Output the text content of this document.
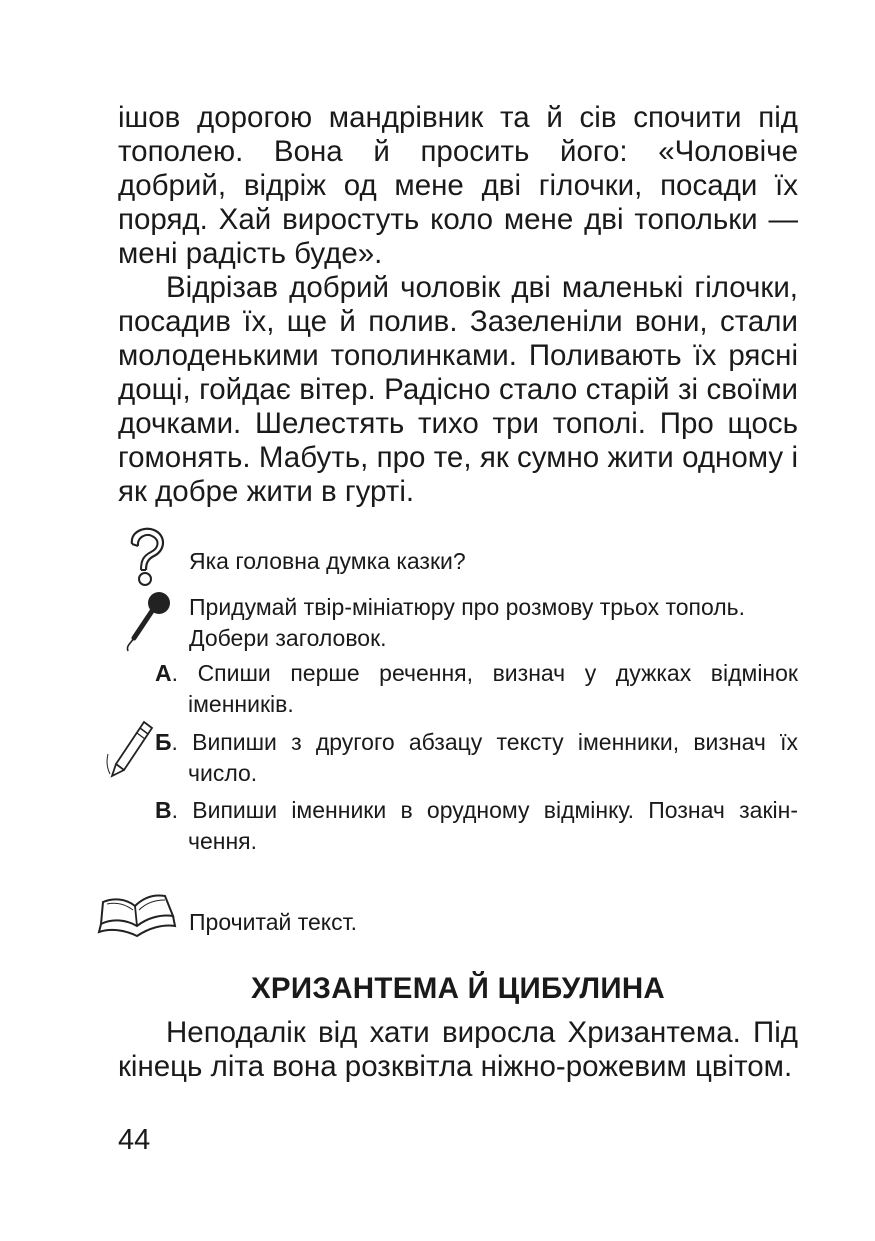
ішов дорогою мандрівник та й сів спочити під тополею. Вона й просить його: «Чоловіче добрий, відріж од мене дві гілочки, посади їх поряд. Хай виростуть коло мене дві топольки — мені радість буде».

Відрізав добрий чоловік дві маленькі гілочки, посадив їх, ще й полив. Зазеленіли вони, стали молоденькими тополинками. Поливають їх рясні дощі, гойдає вітер. Радісно стало старій зі своїми дочками. Шелестять тихо три тополі. Про щось гомонять. Мабуть, про те, як сумно жити одному і як добре жити в гурті.

Яка головна думка казки?
Придумай твір-мініатюру про розмову трьох тополь.
Добери заголовок.
А. Спиши перше речення, визнач у дужках відмінок
іменників.
Б. Випиши з другого абзацу тексту іменники, визнач їх
число.
В. Випиши іменники в орудному відмінку. Познач закін-
чення.
Прочитай текст.
ХРИЗАНТЕМА Й ЦИБУЛИНА

Неподалік від хати виросла Хризантема. Під кінець літа вона розквітла ніжно-рожевим цвітом.

44
